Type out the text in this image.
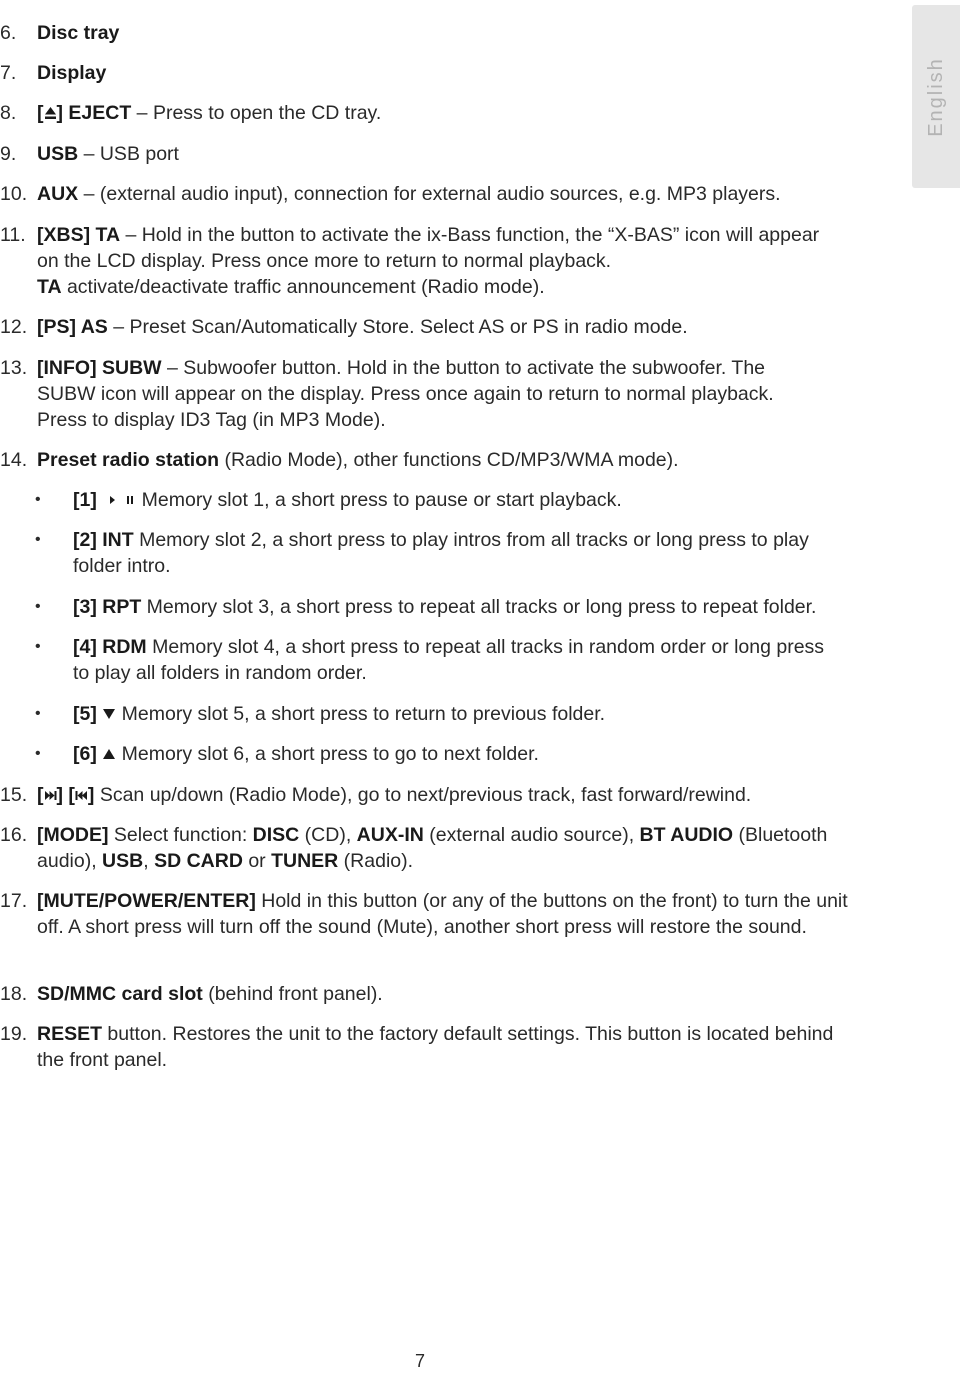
English
6. Disc tray
7. Display
8. [ ] EJECT – Press to open the CD tray.
9. USB – USB port
10. AUX – (external audio input), connection for external audio sources, e.g. MP3 players.
11. [XBS] TA – Hold in the button to activate the ix-Bass function, the “X-BAS” icon will appear on the LCD display. Press once more to return to normal playback.
TA activate/deactivate traffic announcement (Radio mode).
12. [PS] AS – Preset Scan/Automatically Store. Select AS or PS in radio mode.
13. [INFO] SUBW – Subwoofer button. Hold in the button to activate the subwoofer. The SUBW icon will appear on the display. Press once again to return to normal playback. Press to display ID3 Tag (in MP3 Mode).
14. Preset radio station (Radio Mode), other functions CD/MP3/WMA mode).
• [1]  Memory slot 1, a short press to pause or start playback.
• [2] INT Memory slot 2, a short press to play intros from all tracks or long press to play folder intro.
• [3] RPT Memory slot 3, a short press to repeat all tracks or long press to repeat folder.
• [4] RDM Memory slot 4, a short press to repeat all tracks in random order or long press to play all folders in random order.
• [5]  Memory slot 5, a short press to return to previous folder.
• [6]  Memory slot 6, a short press to go to next folder.
15. [ ] [ ] Scan up/down (Radio Mode), go to next/previous track, fast forward/rewind.
16. [MODE] Select function: DISC (CD), AUX-IN (external audio source), BT AUDIO (Bluetooth audio), USB, SD CARD or TUNER (Radio).
17. [MUTE/POWER/ENTER] Hold in this button (or any of the buttons on the front) to turn the unit off. A short press will turn off the sound (Mute), another short press will restore the sound.
18. SD/MMC card slot (behind front panel).
19. RESET button. Restores the unit to the factory default settings. This button is located behind the front panel.
7
